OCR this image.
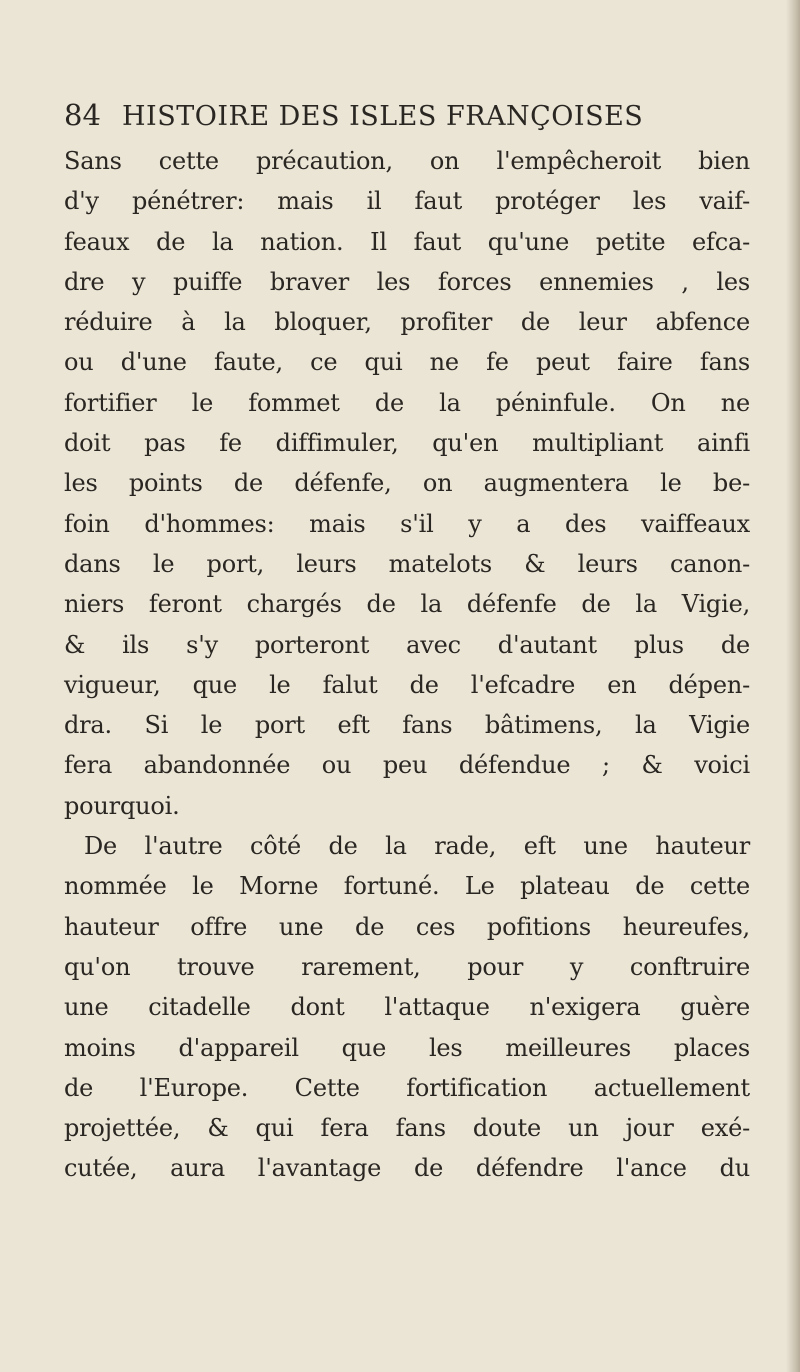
84 HISTOIRE DES ISLES FRANÇOISES
Sans cette précaution, on l'empêcheroit bien
d'y pénétrer: mais il faut protéger les vaif-
feaux de la nation. Il faut qu'une petite efca-
dre y puiffe braver les forces ennemies , les
réduire à la bloquer, profiter de leur abfence
ou d'une faute, ce qui ne fe peut faire fans
fortifier le fommet de la péninfule. On ne
doit pas fe diffimuler, qu'en multipliant ainfi
les points de défenfe, on augmentera le be-
foin d'hommes: mais s'il y a des vaiffeaux
dans le port, leurs matelots & leurs canon-
niers feront chargés de la défenfe de la Vigie,
& ils s'y porteront avec d'autant plus de
vigueur, que le falut de l'efcadre en dépen-
dra. Si le port eft fans bâtimens, la Vigie
fera abandonnée ou peu défendue ; & voici
pourquoi.
De l'autre côté de la rade, eft une hauteur
nommée le Morne fortuné. Le plateau de cette
hauteur offre une de ces pofitions heureufes,
qu'on trouve rarement, pour y conftruire
une citadelle dont l'attaque n'exigera guère
moins d'appareil que les meilleures places
de l'Europe. Cette fortification actuellement
projettée, & qui fera fans doute un jour exé-
cutée, aura l'avantage de défendre l'ance du
